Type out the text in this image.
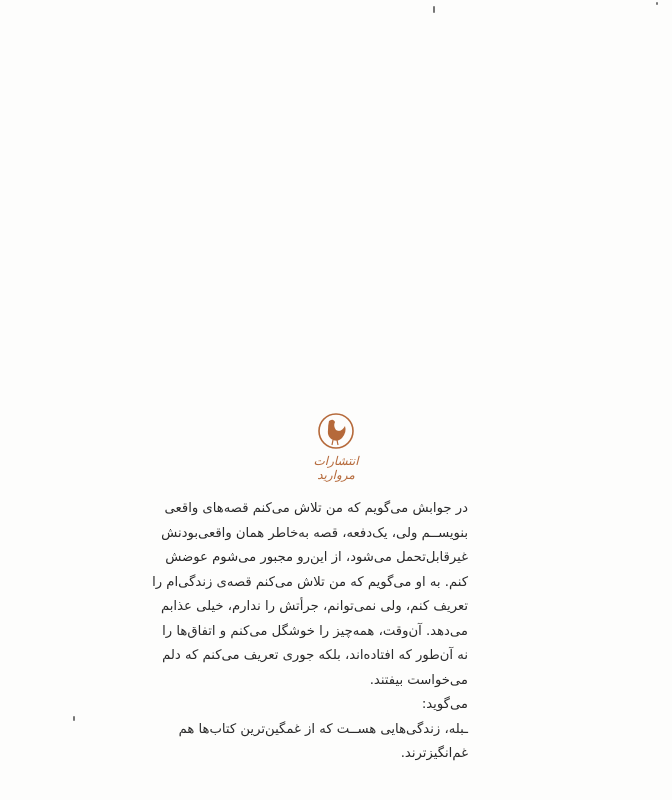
انتشارات مروارید
در جوابش می‌گویم که من تلاش می‌کنم قصه‌های واقعی
بنویســم ولی، یک‌دفعه، قصه به‌خاطر همان واقعی‌بودنش
غیرقابل‌تحمل می‌شود، از این‌رو مجبور می‌شوم عوضش
کنم. به او می‌گویم که من تلاش می‌کنم قصه‌ی زندگی‌ام را
تعریف کنم، ولی نمی‌توانم، جرأتش را ندارم، خیلی عذابم
می‌دهد. آن‌وقت، همه‌چیز را خوشگل می‌کنم و اتفاق‌ها را
نه آن‌طور که افتاده‌اند، بلکه جوری تعریف می‌کنم که دلم
می‌خواست بیفتند.
می‌گوید:
ـبله، زندگی‌هایی هســت که از غمگین‌ترین کتاب‌ها هم
غم‌انگیزترند.
